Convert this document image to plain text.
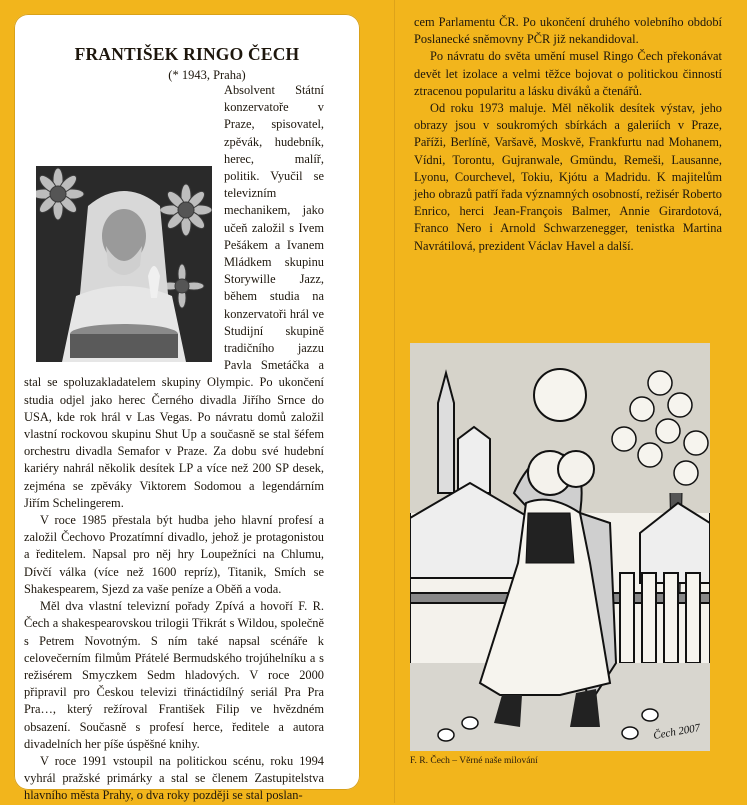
FRANTIŠEK RINGO ČECH
(* 1943, Praha)

Absolvent Státní konzervatoře v Praze, spisovatel, zpěvák, hudebník, herec, malíř, politik. Vyučil se televizním mechanikem, jako učeň založil s Ivem Pešákem a Ivanem Mládkem skupinu Storywille Jazz, během studia na konzervatoři hrál ve Studijní skupině tradičního jazzu Pavla Smetáčka a stal se spoluzakladatelem skupiny Olympic. Po ukončení studia odjel jako herec Černého divadla Jiřího Srnce do USA, kde rok hrál v Las Vegas. Po návratu domů založil vlastní rockovou skupinu Shut Up a současně se stal šéfem orchestru divadla Semafor v Praze. Za dobu své hudební kariéry nahrál několik desítek LP a více než 200 SP desek, zejména se zpěváky Viktorem Sodomou a legendárním Jiřím Schelingerem.

V roce 1985 přestala být hudba jeho hlavní profesí a založil Čechovo Prozatímní divadlo, jehož je protagonistou a ředitelem. Napsal pro něj hry Loupežníci na Chlumu, Dívčí válka (více než 1600 repríz), Titanik, Smích se Shakespearem, Sjezd za vaše peníze a Oběň a voda.

Měl dva vlastní televizní pořady Zpívá a hovoří F. R. Čech a shakespearovskou trilogii Třikrát s Wildou, společně s Petrem Novotným. S ním také napsal scénáře k celovečerním filmům Přátelé Bermudského trojúhelníku a s režisérem Smyczkem Sedm hladových. V roce 2000 připravil pro Českou televizi třináctidílný seriál Pra Pra Pra…, který režíroval František Filip ve hvězdném obsazení. Současně s profesí herce, ředitele a autora divadelních her píše úspěšné knihy.

V roce 1991 vstoupil na politickou scénu, roku 1994 vyhrál pražské primárky a stal se členem Zastupitelstva hlavního města Prahy, o dva roky později se stal poslan-

cem Parlamentu ČR. Po ukončení druhého volebního období Poslanecké sněmovny PČR již nekandidoval.

Po návratu do světa umění musel Ringo Čech překonávat devět let izolace a velmi těžce bojovat o politickou činností ztracenou popularitu a lásku diváků a čtenářů.

Od roku 1973 maluje. Měl několik desítek výstav, jeho obrazy jsou v soukromých sbírkách a galeriích v Praze, Paříži, Berlíně, Varšavě, Moskvě, Frankfurtu nad Mohanem, Vídni, Torontu, Gujranwale, Gmündu, Remeši, Lausanne, Lyonu, Courchevel, Tokiu, Kjótu a Madridu. K majitelům jeho obrazů patří řada významných osobností, režisér Roberto Enrico, herci Jean-François Balmer, Annie Girardotová, Franco Nero i Arnold Schwarzenegger, tenistka Martina Navrátilová, prezident Václav Havel a další.

Čech 2007
F. R. Čech – Věrné naše milování
